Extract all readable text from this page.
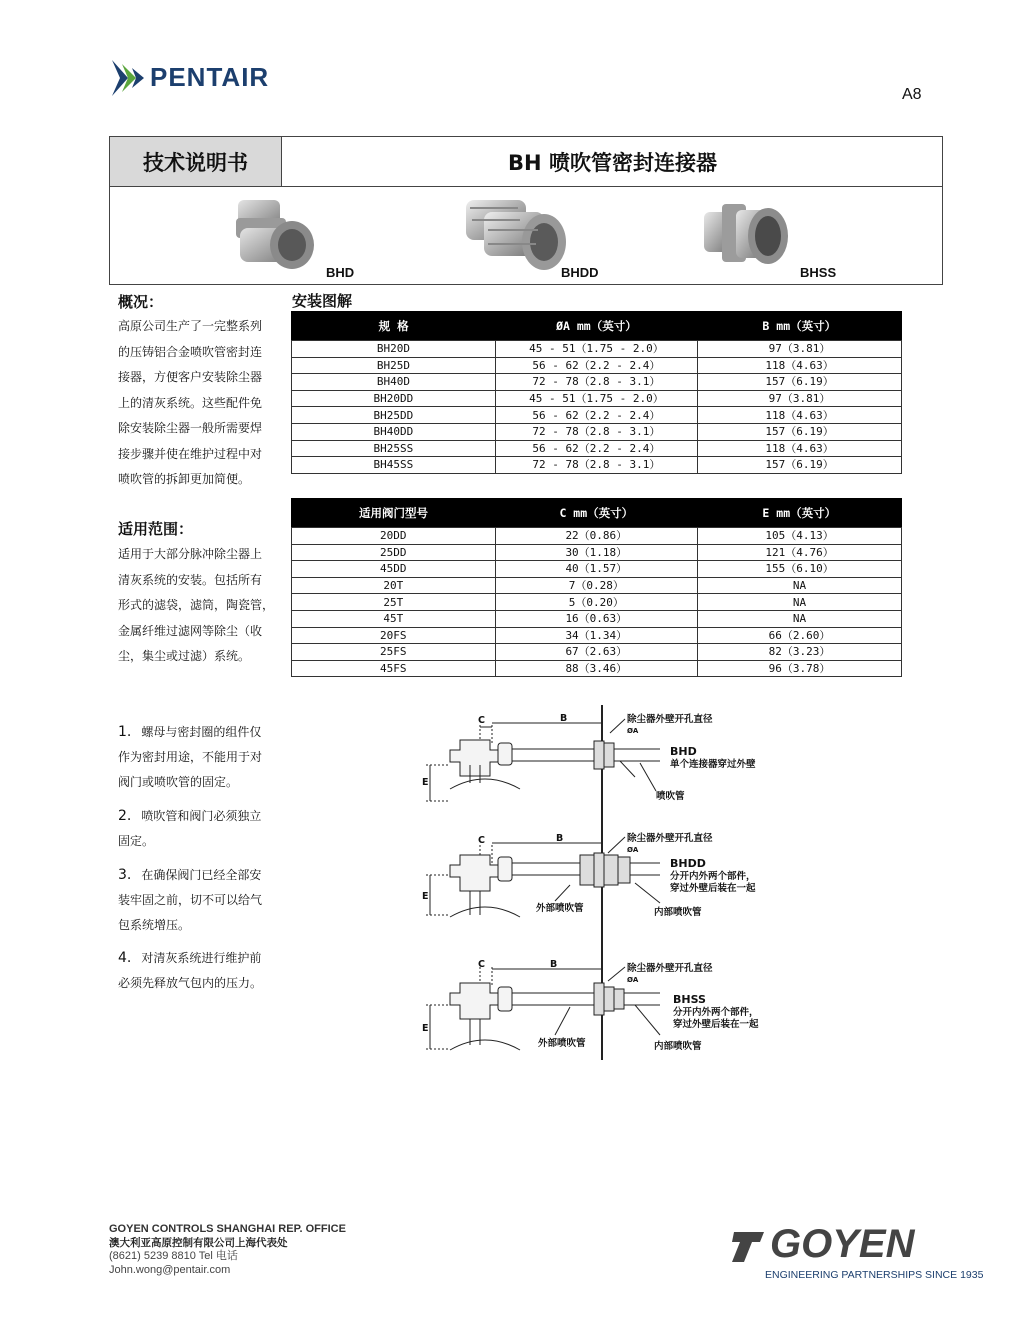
PENTAIR
A8
技术说明书	BH 喷吹管密封连接器
BHD	BHDD	BHSS
概况：
高原公司生产了一完整系列
的压铸铝合金喷吹管密封连
接器，方便客户安装除尘器
上的清灰系统。这些配件免
除安装除尘器一般所需要焊
接步骤并使在维护过程中对
喷吹管的拆卸更加简便。
适用范围：
适用于大部分脉冲除尘器上
清灰系统的安装。包括所有
形式的滤袋，滤筒，陶瓷管，
金属纤维过滤网等除尘（收
尘，集尘或过滤）系统。
安装图解
规 格	ØA mm（英寸）	B mm（英寸）
BH20D	45 - 51（1.75 - 2.0）	97（3.81）
BH25D	56 - 62（2.2 - 2.4）	118（4.63）
BH40D	72 - 78（2.8 - 3.1）	157（6.19）
BH20DD	45 - 51（1.75 - 2.0）	97（3.81）
BH25DD	56 - 62（2.2 - 2.4）	118（4.63）
BH40DD	72 - 78（2.8 - 3.1）	157（6.19）
BH25SS	56 - 62（2.2 - 2.4）	118（4.63）
BH45SS	72 - 78（2.8 - 3.1）	157（6.19）
适用阀门型号	C mm（英寸）	E mm（英寸）
20DD	22（0.86）	105（4.13）
25DD	30（1.18）	121（4.76）
45DD	40（1.57）	155（6.10）
20T	7（0.28）	NA
25T	5（0.20）	NA
45T	16（0.63）	NA
20FS	34（1.34）	66（2.60）
25FS	67（2.63）	82（3.23）
45FS	88（3.46）	96（3.78）
1. 螺母与密封圈的组件仅
作为密封用途，不能用于对
阀门或喷吹管的固定。
2. 喷吹管和阀门必须独立
固定。
3. 在确保阀门已经全部安
装牢固之前，切不可以给气
包系统增压。
4. 对清灰系统进行维护前
必须先释放气包内的压力。
C	B
E
除尘器外壁开孔直径
ØA
BHD
单个连接器穿过外壁
喷吹管
C	B
E
除尘器外壁开孔直径
ØA
BHDD
分开内外两个部件，
穿过外壁后装在一起
外部喷吹管	内部喷吹管
C	B
E
除尘器外壁开孔直径
ØA
BHSS
分开内外两个部件，
穿过外壁后装在一起
外部喷吹管	内部喷吹管
GOYEN CONTROLS SHANGHAI REP. OFFICE
澳大利亚高原控制有限公司上海代表处
(8621) 5239 8810 Tel 电话
John.wong@pentair.com
GOYEN
ENGINEERING PARTNERSHIPS SINCE 1935
